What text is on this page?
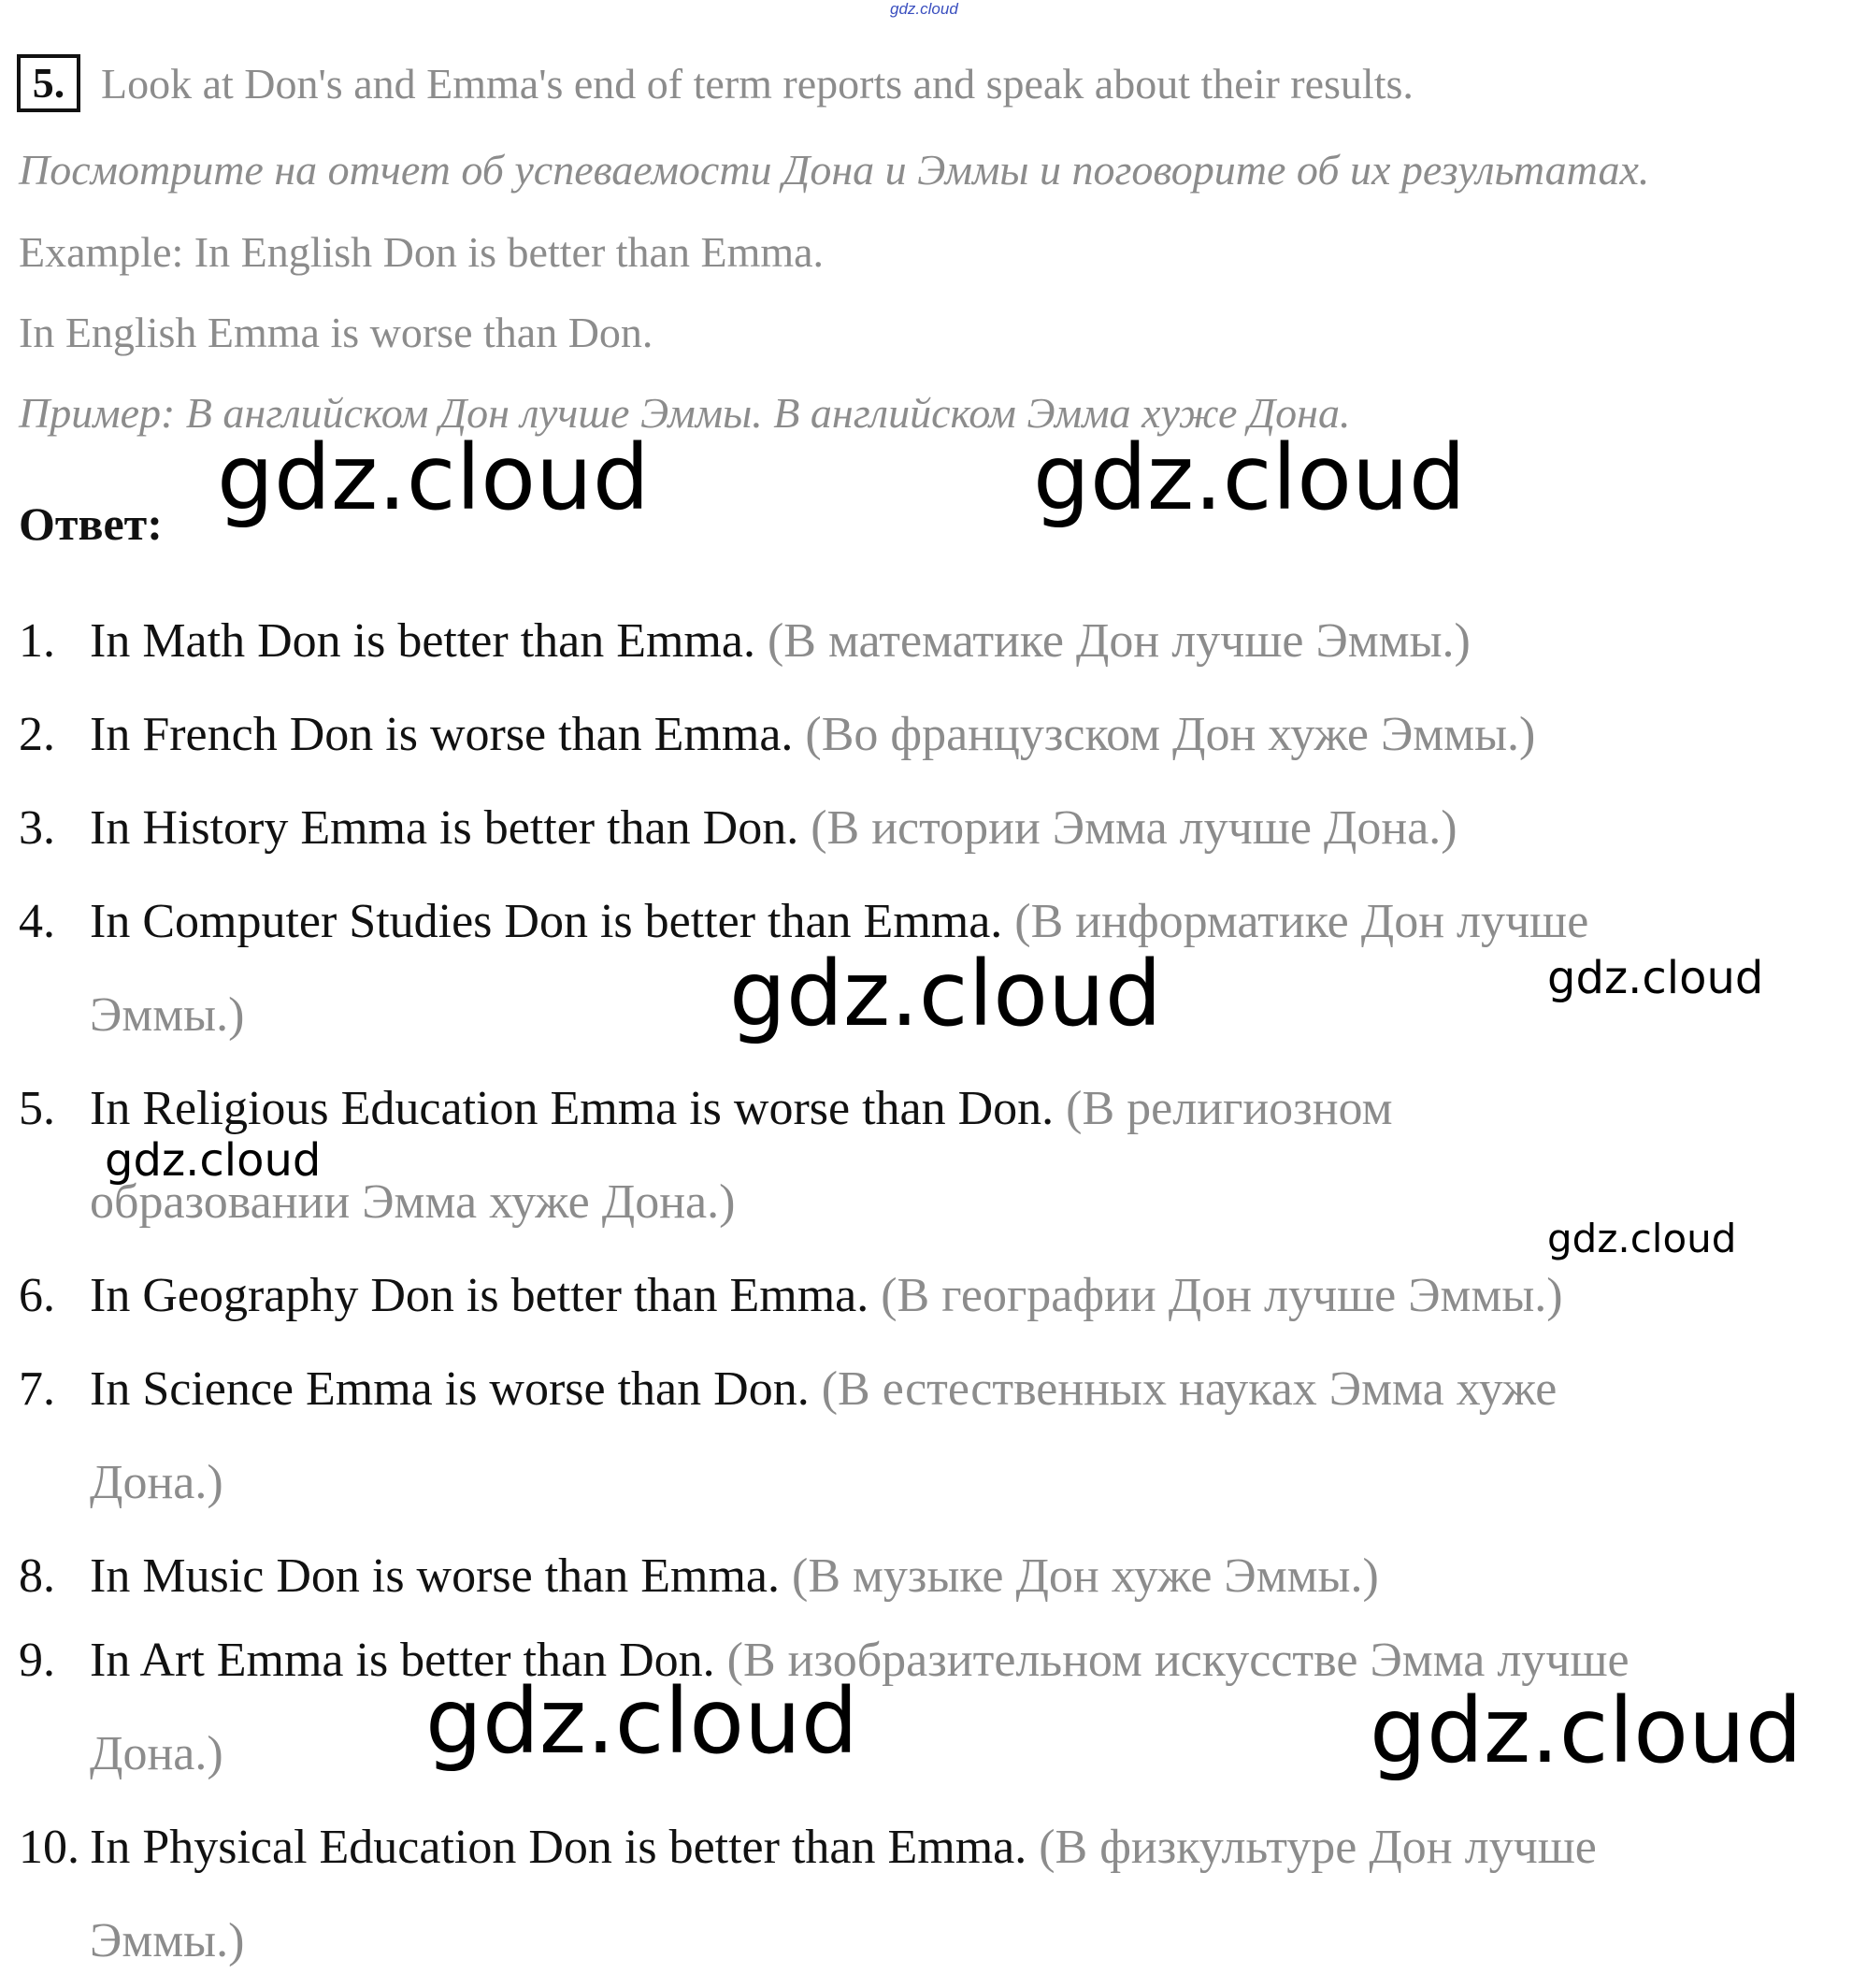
gdz.cloud
5. Look at Don's and Emma's end of term reports and speak about their results.
Посмотрите на отчет об успеваемости Дона и Эммы и поговорите об их результатах.
Example: In English Don is better than Emma.
In English Emma is worse than Don.
Пример: В английском Дон лучше Эммы. В английском Эмма хуже Дона.
Ответ:
1. In Math Don is better than Emma. (В математике Дон лучше Эммы.)
2. In French Don is worse than Emma. (Во французском Дон хуже Эммы.)
3. In History Emma is better than Don. (В истории Эмма лучше Дона.)
4. In Computer Studies Don is better than Emma. (В информатике Дон лучше
Эммы.)
5. In Religious Education Emma is worse than Don. (В религиозном
образовании Эмма хуже Дона.)
6. In Geography Don is better than Emma. (В географии Дон лучше Эммы.)
7. In Science Emma is worse than Don. (В естественных науках Эмма хуже
Дона.)
8. In Music Don is worse than Emma. (В музыке Дон хуже Эммы.)
9. In Art Emma is better than Don. (В изобразительном искусстве Эмма лучше
Дона.)
10. In Physical Education Don is better than Emma. (В физкультуре Дон лучше
Эммы.)
gdz.cloud	gdz.cloud
gdz.cloud	gdz.cloud
gdz.cloud
gdz.cloud
gdz.cloud	gdz.cloud
